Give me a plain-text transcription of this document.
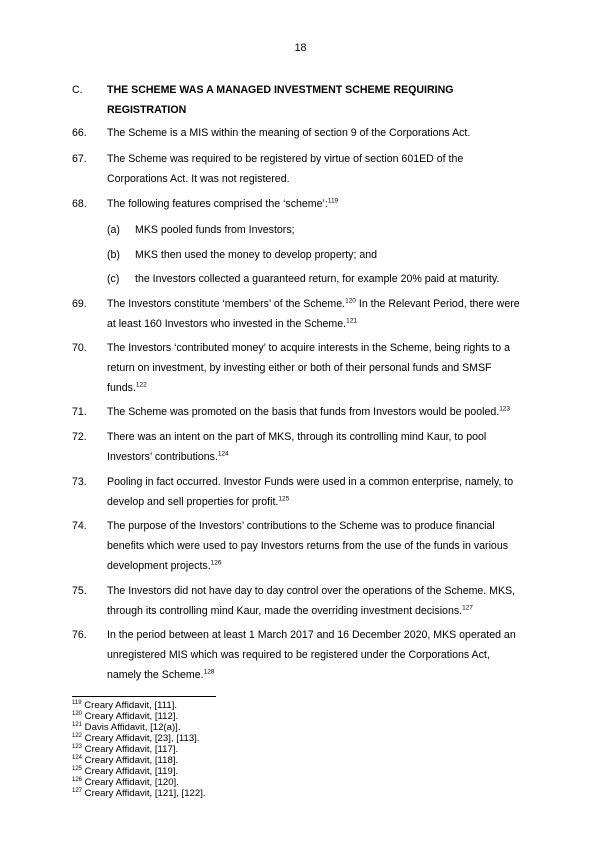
18
C. THE SCHEME WAS A MANAGED INVESTMENT SCHEME REQUIRING
REGISTRATION
66. The Scheme is a MIS within the meaning of section 9 of the Corporations Act.
67. The Scheme was required to be registered by virtue of section 601ED of the
Corporations Act. It was not registered.
68. The following features comprised the ‘scheme’:$^{119}$
(a) MKS pooled funds from Investors;
(b) MKS then used the money to develop property; and
(c) the Investors collected a guaranteed return, for example 20% paid at maturity.
69. The Investors constitute ‘members’ of the Scheme.$^{120}$ In the Relevant Period, there were
at least 160 Investors who invested in the Scheme.$^{121}$
70. The Investors ‘contributed money’ to acquire interests in the Scheme, being rights to a
return on investment, by investing either or both of their personal funds and SMSF
funds.$^{122}$
71. The Scheme was promoted on the basis that funds from Investors would be pooled.$^{123}$
72. There was an intent on the part of MKS, through its controlling mind Kaur, to pool
Investors’ contributions.$^{124}$
73. Pooling in fact occurred. Investor Funds were used in a common enterprise, namely, to
develop and sell properties for profit.$^{125}$
74. The purpose of the Investors’ contributions to the Scheme was to produce financial
benefits which were used to pay Investors returns from the use of the funds in various
development projects.$^{126}$
75. The Investors did not have day to day control over the operations of the Scheme. MKS,
through its controlling mind Kaur, made the overriding investment decisions.$^{127}$
76. In the period between at least 1 March 2017 and 16 December 2020, MKS operated an
unregistered MIS which was required to be registered under the Corporations Act,
namely the Scheme.$^{128}$
$^{119}$ Creary Affidavit, [111].
$^{120}$ Creary Affidavit, [112].
$^{121}$ Davis Affidavit, [12(a)].
$^{122}$ Creary Affidavit, [23], [113].
$^{123}$ Creary Affidavit, [117].
$^{124}$ Creary Affidavit, [118].
$^{125}$ Creary Affidavit, [119].
$^{126}$ Creary Affidavit, [120].
$^{127}$ Creary Affidavit, [121], [122].
